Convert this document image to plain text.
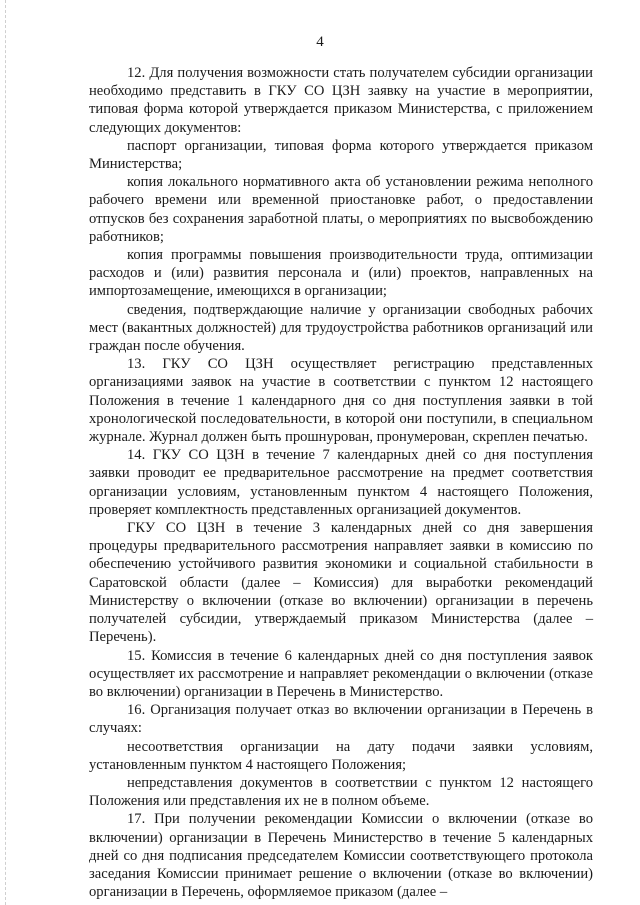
4

12. Для получения возможности стать получателем субсидии организации необходимо представить в ГКУ СО ЦЗН заявку на участие в мероприятии, типовая форма которой утверждается приказом Министерства, с приложением следующих документов:

паспорт организации, типовая форма которого утверждается приказом Министерства;

копия локального нормативного акта об установлении режима неполного рабочего времени или временной приостановке работ, о предоставлении отпусков без сохранения заработной платы, о мероприятиях по высвобождению работников;

копия программы повышения производительности труда, оптимизации расходов и (или) развития персонала и (или) проектов, направленных на импортозамещение, имеющихся в организации;

сведения, подтверждающие наличие у организации свободных рабочих мест (вакантных должностей) для трудоустройства работников организаций или граждан после обучения.

13. ГКУ СО ЦЗН осуществляет регистрацию представленных организациями заявок на участие в соответствии с пунктом 12 настоящего Положения в течение 1 календарного дня со дня поступления заявки в той хронологической последовательности, в которой они поступили, в специальном журнале. Журнал должен быть прошнурован, пронумерован, скреплен печатью.

14. ГКУ СО ЦЗН в течение 7 календарных дней со дня поступления заявки проводит ее предварительное рассмотрение на предмет соответствия организации условиям, установленным пунктом 4 настоящего Положения, проверяет комплектность представленных организацией документов.

ГКУ СО ЦЗН в течение 3 календарных дней со дня завершения процедуры предварительного рассмотрения направляет заявки в комиссию по обеспечению устойчивого развития экономики и социальной стабильности в Саратовской области (далее – Комиссия) для выработки рекомендаций Министерству о включении (отказе во включении) организации в перечень получателей субсидии, утверждаемый приказом Министерства (далее – Перечень).

15. Комиссия в течение 6 календарных дней со дня поступления заявок осуществляет их рассмотрение и направляет рекомендации о включении (отказе во включении) организации в Перечень в Министерство.

16. Организация получает отказ во включении организации в Перечень в случаях:

несоответствия организации на дату подачи заявки условиям, установленным пунктом 4 настоящего Положения;

непредставления документов в соответствии с пунктом 12 настоящего Положения или представления их не в полном объеме.

17. При получении рекомендации Комиссии о включении (отказе во включении) организации в Перечень Министерство в течение 5 календарных дней со дня подписания председателем Комиссии соответствующего протокола заседания Комиссии принимает решение о включении (отказе во включении) организации в Перечень, оформляемое приказом (далее –
